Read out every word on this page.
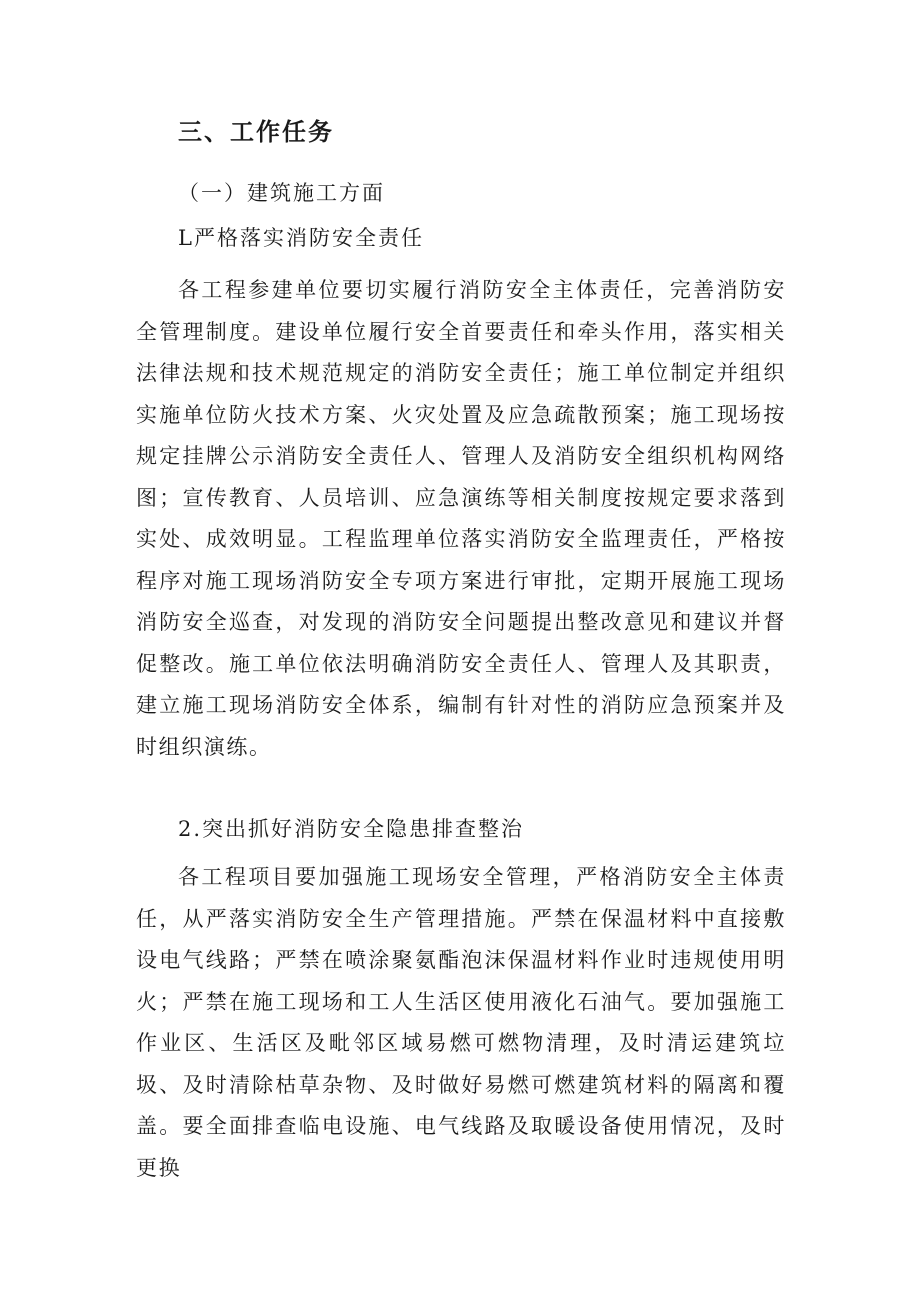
三、工作任务

（一）建筑施工方面

L严格落实消防安全责任

各工程参建单位要切实履行消防安全主体责任，完善消防安全管理制度。建设单位履行安全首要责任和牵头作用，落实相关法律法规和技术规范规定的消防安全责任；施工单位制定并组织实施单位防火技术方案、火灾处置及应急疏散预案；施工现场按规定挂牌公示消防安全责任人、管理人及消防安全组织机构网络图；宣传教育、人员培训、应急演练等相关制度按规定要求落到实处、成效明显。工程监理单位落实消防安全监理责任，严格按程序对施工现场消防安全专项方案进行审批，定期开展施工现场消防安全巡查，对发现的消防安全问题提出整改意见和建议并督促整改。施工单位依法明确消防安全责任人、管理人及其职责，建立施工现场消防安全体系，编制有针对性的消防应急预案并及时组织演练。

2.突出抓好消防安全隐患排查整治

各工程项目要加强施工现场安全管理，严格消防安全主体责任，从严落实消防安全生产管理措施。严禁在保温材料中直接敷设电气线路；严禁在喷涂聚氨酯泡沫保温材料作业时违规使用明火；严禁在施工现场和工人生活区使用液化石油气。要加强施工作业区、生活区及毗邻区域易燃可燃物清理，及时清运建筑垃圾、及时清除枯草杂物、及时做好易燃可燃建筑材料的隔离和覆盖。要全面排查临电设施、电气线路及取暖设备使用情况，及时更换
